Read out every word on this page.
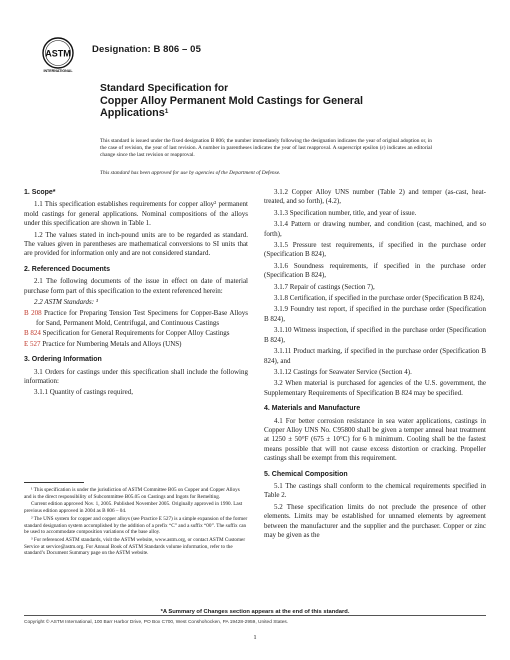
ASTM
INTERNATIONAL
Designation: B 806 – 05
Standard Specification for
Copper Alloy Permanent Mold Castings for General
Applications$^1$
This standard is issued under the fixed designation B 806; the number immediately following the designation indicates the year of original adoption or, in the case of revision, the year of last revision. A number in parentheses indicates the year of last reapproval. A superscript epsilon (ε) indicates an editorial change since the last revision or reapproval.
This standard has been approved for use by agencies of the Department of Defense.
1. Scope*

1.1 This specification establishes requirements for copper alloy² permanent mold castings for general applications. Nominal compositions of the alloys under this specification are shown in Table 1.

1.2 The values stated in inch-pound units are to be regarded as standard. The values given in parentheses are mathematical conversions to SI units that are provided for information only and are not considered standard.

2. Referenced Documents

2.1 The following documents of the issue in effect on date of material purchase form part of this specification to the extent referenced herein:

2.2 ASTM Standards: ³

B 208 Practice for Preparing Tension Test Specimens for Copper-Base Alloys for Sand, Permanent Mold, Centrifugal, and Continuous Castings
B 824 Specification for General Requirements for Copper Alloy Castings
E 527 Practice for Numbering Metals and Alloys (UNS)
3. Ordering Information

3.1 Orders for castings under this specification shall include the following information:

3.1.1 Quantity of castings required,

¹ This specification is under the jurisdiction of ASTM Committee B05 on Copper and Copper Alloys and is the direct responsibility of Subcommittee B05.05 on Castings and Ingots for Remelting.

Current edition approved Nov. 1, 2005. Published November 2005. Originally approved in 1990. Last previous edition approved in 2004 as B 806 – 04.

² The UNS system for copper and copper alloys (see Practice E 527) is a simple expansion of the former standard designation system accomplished by the addition of a prefix “C” and a suffix “00”. The suffix can be used to accommodate composition variations of the base alloy.

³ For referenced ASTM standards, visit the ASTM website, www.astm.org, or contact ASTM Customer Service at service@astm.org. For Annual Book of ASTM Standards volume information, refer to the standard’s Document Summary page on the ASTM website.

3.1.2 Copper Alloy UNS number (Table 2) and temper (as-cast, heat-treated, and so forth), (4.2),

3.1.3 Specification number, title, and year of issue.

3.1.4 Pattern or drawing number, and condition (cast, machined, and so forth),

3.1.5 Pressure test requirements, if specified in the purchase order (Specification B 824),

3.1.6 Soundness requirements, if specified in the purchase order (Specification B 824),

3.1.7 Repair of castings (Section 7),

3.1.8 Certification, if specified in the purchase order (Specification B 824),

3.1.9 Foundry test report, if specified in the purchase order (Specification B 824),

3.1.10 Witness inspection, if specified in the purchase order (Specification B 824),

3.1.11 Product marking, if specified in the purchase order (Specification B 824), and

3.1.12 Castings for Seawater Service (Section 4).

3.2 When material is purchased for agencies of the U.S. government, the Supplementary Requirements of Specification B 824 may be specified.

4. Materials and Manufacture

4.1 For better corrosion resistance in sea water applications, castings in Copper Alloy UNS No. C95800 shall be given a temper anneal heat treatment at 1250 ± 50°F (675 ± 10°C) for 6 h minimum. Cooling shall be the fastest means possible that will not cause excess distortion or cracking. Propeller castings shall be exempt from this requirement.

5. Chemical Composition

5.1 The castings shall conform to the chemical requirements specified in Table 2.

5.2 These specification limits do not preclude the presence of other elements. Limits may be established for unnamed elements by agreement between the manufacturer and the supplier and the purchaser. Copper or zinc may be given as the

*A Summary of Changes section appears at the end of this standard.
Copyright © ASTM International, 100 Barr Harbor Drive, PO Box C700, West Conshohocken, PA 19428-2959, United States.
1
